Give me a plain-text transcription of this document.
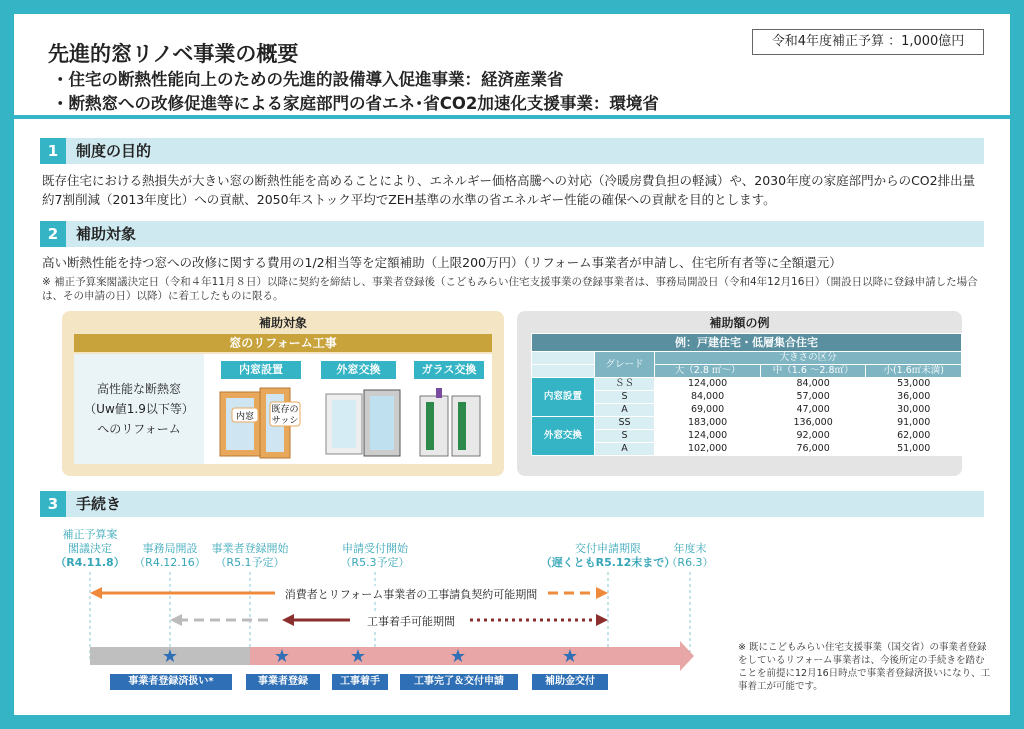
令和4年度補正予算 ：1,000億円
先進的窓リノベ事業の概要
・住宅の断熱性能向上のための先進的設備導入促進事業：経済産業省
・断熱窓への改修促進等による家庭部門の省エネ･省CO2加速化支援事業：環境省
1	制度の目的
既存住宅における熱損失が大きい窓の断熱性能を高めることにより、エネルギー価格高騰への対応（冷暖房費負担の軽減）や、2030年度の家庭部門からのCO2排出量約7割削減（2013年度比）への貢献、2050年ストック平均でZEH基準の水準の省エネルギー性能の確保への貢献を目的とします。
2	補助対象
高い断熱性能を持つ窓への改修に関する費用の1/2相当等を定額補助（上限200万円）（リフォーム事業者が申請し、住宅所有者等に全額還元）
※ 補正予算案閣議決定日（令和４年11月８日）以降に契約を締結し、事業者登録後（こどもみらい住宅支援事業の登録事業者は、事務局開設日（令和4年12月16日）（開設日以降に登録申請した場合は、その申請の日）以降）に着工したものに限る。
補助対象
窓のリフォーム工事
高性能な断熱窓
（Uw値1.9以下等）
へのリフォーム
内窓設置	外窓交換	ガラス交換
内窓
既存の
サッシ
補助額の例
例：戸建住宅・低層集合住宅				
	グレード	大きさの区分		
		大（2.8 ㎡～）	中（1.6 ～2.8㎡）	小(1.6㎡未満)
内窓設置	ＳＳ	124,000	84,000	53,000
	S	84,000	57,000	36,000
	A	69,000	47,000	30,000
外窓交換	SS	183,000	136,000	91,000
	S	124,000	92,000	62,000
	A	102,000	76,000	51,000
3	手続き
★	★	★	★	★
消費者とリフォーム事業者の工事請負契約可能期間
工事着手可能期間
補正予算案
閣議決定
（R4.11.8）
事務局開設
（R4.12.16）
事業者登録開始
（R5.1予定）
申請受付開始
（R5.3予定）
交付申請期限
（遅くともR5.12末まで）
年度末
（R6.3）
事業者登録済扱い*	事業者登録	工事着手	工事完了＆交付申請	補助金交付
※ 既にこどもみらい住宅支援事業（国交省）の事業者登録をしているリフォーム事業者は、今後所定の手続きを踏むことを前提に12月16日時点で事業者登録済扱いになり、工事着工が可能です。
